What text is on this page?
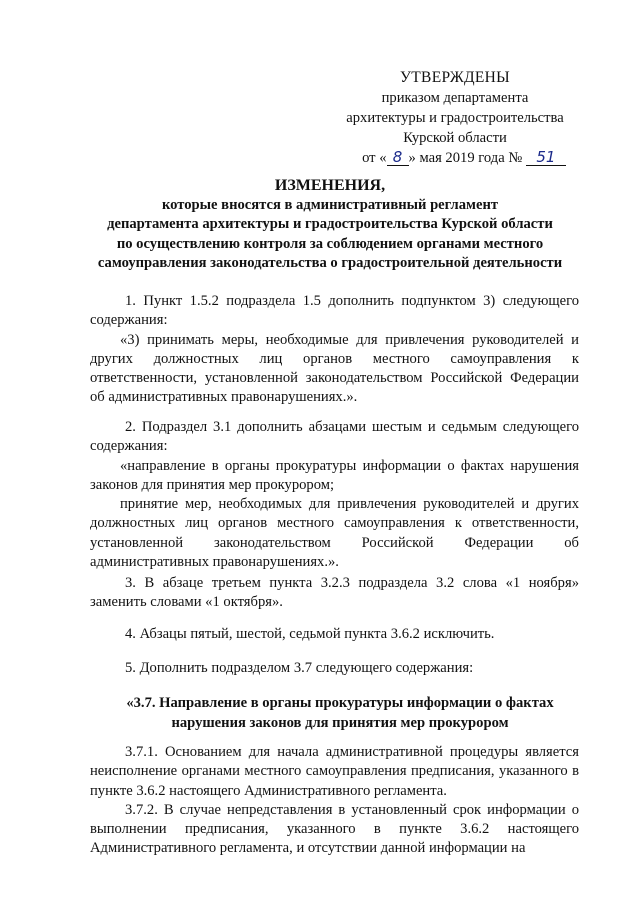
УТВЕРЖДЕНЫ
приказом департамента
архитектуры и градостроительства
Курской области
от « 8 » мая 2019 года № 51
ИЗМЕНЕНИЯ,
которые вносятся в административный регламент
департамента архитектуры и градостроительства Курской области
по осуществлению контроля за соблюдением органами местного
самоуправления законодательства о градостроительной деятельности

1. Пункт 1.5.2 подраздела 1.5 дополнить подпунктом 3) следующего содержания:

«3) принимать меры, необходимые для привлечения руководителей и других должностных лиц органов местного самоуправления к ответственности, установленной законодательством Российской Федерации об административных правонарушениях.».

2. Подраздел 3.1 дополнить абзацами шестым и седьмым следующего содержания:

«направление в органы прокуратуры информации о фактах нарушения законов для принятия мер прокурором;

принятие мер, необходимых для привлечения руководителей и других должностных лиц органов местного самоуправления к ответственности, установленной законодательством Российской Федерации об административных правонарушениях.».

3. В абзаце третьем пункта 3.2.3 подраздела 3.2 слова «1 ноября» заменить словами «1 октября».

4. Абзацы пятый, шестой, седьмой пункта 3.6.2 исключить.

5. Дополнить подразделом 3.7 следующего содержания:

«3.7. Направление в органы прокуратуры информации о фактах нарушения законов для принятия мер прокурором

3.7.1. Основанием для начала административной процедуры является неисполнение органами местного самоуправления предписания, указанного в пункте 3.6.2 настоящего Административного регламента.

3.7.2. В случае непредставления в установленный срок информации о выполнении предписания, указанного в пункте 3.6.2 настоящего Административного регламента, и отсутствии данной информации на
